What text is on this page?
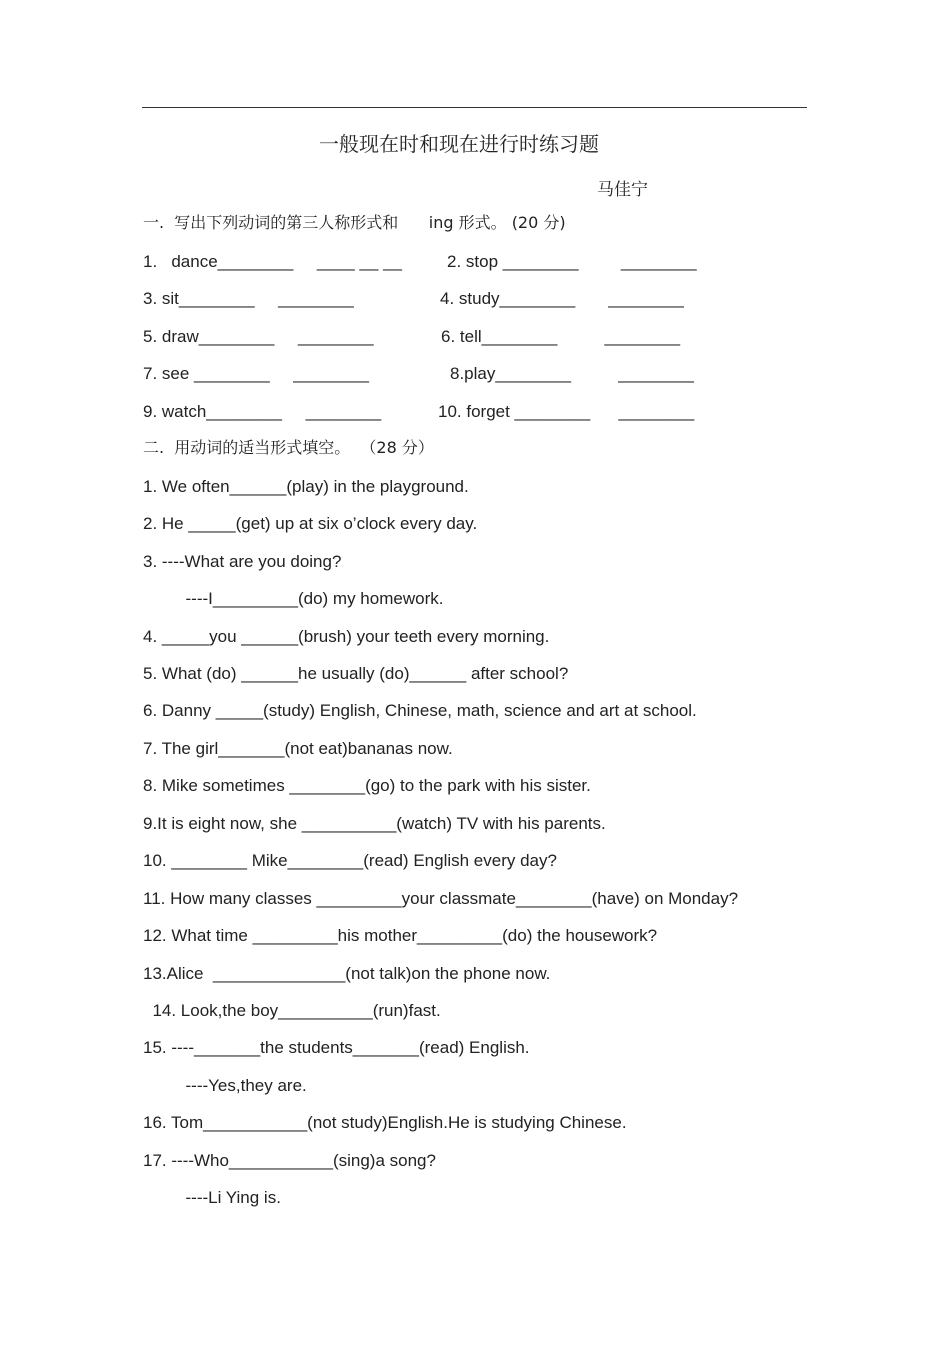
一般现在时和现在进行时练习题
马佳宁
一.  写出下列动词的第三人称形式和      ing 形式。 (20 分)
1.   dance________     ____ __ __	2. stop ________         ________
3. sit________     ________	4. study________       ________
5. draw________     ________	6. tell________          ________
7. see ________     ________	8.play________          ________
9. watch________     ________	10. forget ________      ________
二.  用动词的适当形式填空。  （28 分）
1. We often______(play) in the playground.
2. He _____(get) up at six o’clock every day.
3. ----What are you doing?
----I_________(do) my homework.
4. _____you ______(brush) your teeth every morning.
5. What (do) ______he usually (do)______ after school?
6. Danny _____(study) English, Chinese, math, science and art at school.
7. The girl_______(not eat)bananas now.
8. Mike sometimes ________(go) to the park with his sister.
9.It is eight now, she __________(watch) TV with his parents.
10. ________ Mike________(read) English every day?
11. How many classes _________your classmate________(have) on Monday?
12. What time _________his mother_________(do) the housework?
13.Alice  ______________(not talk)on the phone now.
14. Look,the boy__________(run)fast.
15. ----_______the students_______(read) English.
----Yes,they are.
16. Tom___________(not study)English.He is studying Chinese.
17. ----Who___________(sing)a song?
----Li Ying is.
